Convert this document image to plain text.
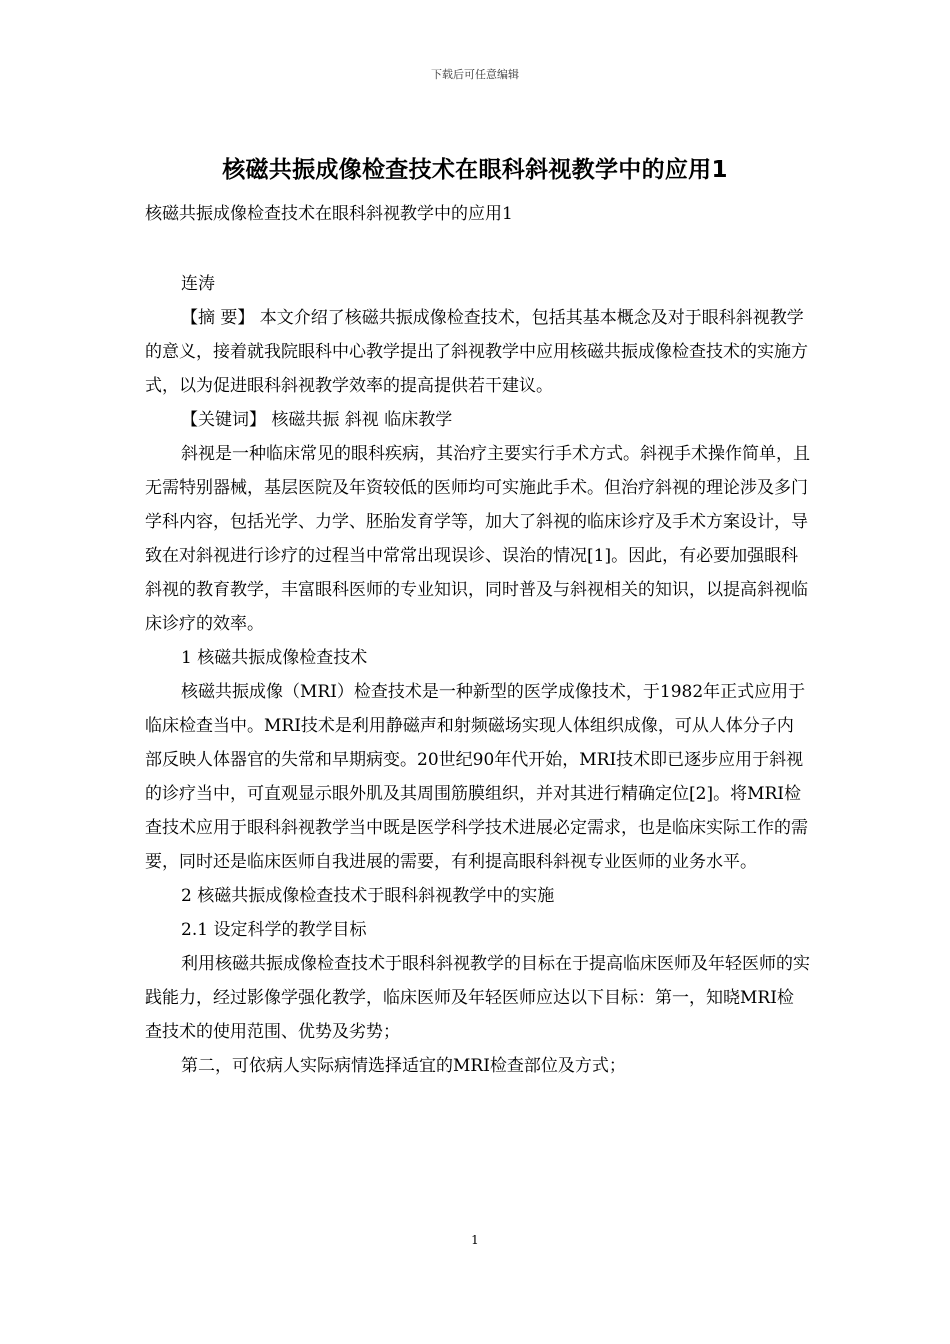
下载后可任意编辑
核磁共振成像检查技术在眼科斜视教学中的应用1

核磁共振成像检查技术在眼科斜视教学中的应用1

连涛

【摘 要】 本文介绍了核磁共振成像检查技术，包括其基本概念及对于眼科斜视教学的意义，接着就我院眼科中心教学提出了斜视教学中应用核磁共振成像检查技术的实施方式，以为促进眼科斜视教学效率的提高提供若干建议。

【关键词】 核磁共振 斜视 临床教学

斜视是一种临床常见的眼科疾病，其治疗主要实行手术方式。斜视手术操作简单，且无需特别器械，基层医院及年资较低的医师均可实施此手术。但治疗斜视的理论涉及多门学科内容，包括光学、力学、胚胎发育学等，加大了斜视的临床诊疗及手术方案设计，导致在对斜视进行诊疗的过程当中常常出现误诊、误治的情况[1]。因此，有必要加强眼科斜视的教育教学，丰富眼科医师的专业知识，同时普及与斜视相关的知识，以提高斜视临床诊疗的效率。

1 核磁共振成像检查技术

核磁共振成像（MRI）检查技术是一种新型的医学成像技术，于1982年正式应用于临床检查当中。MRI技术是利用静磁声和射频磁场实现人体组织成像，可从人体分子内部反映人体器官的失常和早期病变。20世纪90年代开始，MRI技术即已逐步应用于斜视的诊疗当中，可直观显示眼外肌及其周围筋膜组织，并对其进行精确定位[2]。将MRI检查技术应用于眼科斜视教学当中既是医学科学技术进展必定需求，也是临床实际工作的需要，同时还是临床医师自我进展的需要，有利提高眼科斜视专业医师的业务水平。

2 核磁共振成像检查技术于眼科斜视教学中的实施

2.1 设定科学的教学目标

利用核磁共振成像检查技术于眼科斜视教学的目标在于提高临床医师及年轻医师的实践能力，经过影像学强化教学，临床医师及年轻医师应达以下目标：第一，知晓MRI检查技术的使用范围、优势及劣势；

第二，可依病人实际病情选择适宜的MRI检查部位及方式；

1
